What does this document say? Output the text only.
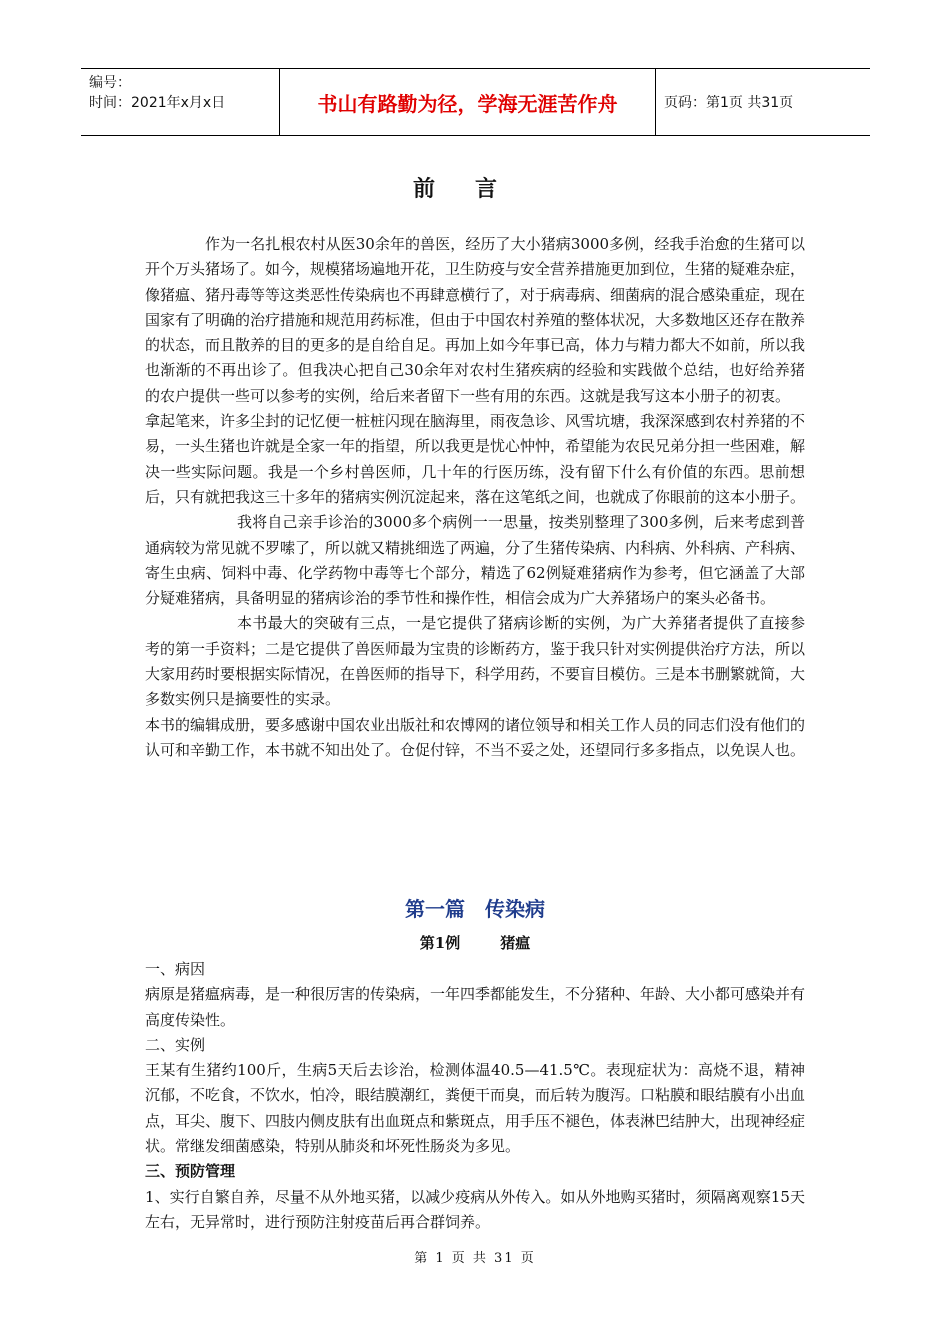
编号：
时间：2021年x月x日	书山有路勤为径，学海无涯苦作舟	页码：第1页 共31页
前言

作为一名扎根农村从医30余年的兽医，经历了大小猪病3000多例，经我手治愈的生猪可以开个万头猪场了。如今，规模猪场遍地开花，卫生防疫与安全营养措施更加到位，生猪的疑难杂症，像猪瘟、猪丹毒等等这类恶性传染病也不再肆意横行了，对于病毒病、细菌病的混合感染重症，现在国家有了明确的治疗措施和规范用药标准，但由于中国农村养殖的整体状况，大多数地区还存在散养的状态，而且散养的目的更多的是自给自足。再加上如今年事已高，体力与精力都大不如前，所以我也渐渐的不再出诊了。但我决心把自己30余年对农村生猪疾病的经验和实践做个总结，也好给养猪的农户提供一些可以参考的实例，给后来者留下一些有用的东西。这就是我写这本小册子的初衷。

拿起笔来，许多尘封的记忆便一桩桩闪现在脑海里，雨夜急诊、风雪坑塘，我深深感到农村养猪的不易，一头生猪也许就是全家一年的指望，所以我更是忧心忡忡，希望能为农民兄弟分担一些困难，解决一些实际问题。我是一个乡村兽医师，几十年的行医历练，没有留下什么有价值的东西。思前想后，只有就把我这三十多年的猪病实例沉淀起来，落在这笔纸之间，也就成了你眼前的这本小册子。

我将自己亲手诊治的3000多个病例一一思量，按类别整理了300多例，后来考虑到普通病较为常见就不罗嗦了，所以就又精挑细选了两遍，分了生猪传染病、内科病、外科病、产科病、寄生虫病、饲料中毒、化学药物中毒等七个部分，精选了62例疑难猪病作为参考，但它涵盖了大部分疑难猪病，具备明显的猪病诊治的季节性和操作性，相信会成为广大养猪场户的案头必备书。

本书最大的突破有三点，一是它提供了猪病诊断的实例，为广大养猪者提供了直接参考的第一手资料；二是它提供了兽医师最为宝贵的诊断药方，鉴于我只针对实例提供治疗方法，所以大家用药时要根据实际情况，在兽医师的指导下，科学用药，不要盲目模仿。三是本书删繁就简，大多数实例只是摘要性的实录。

本书的编辑成册，要多感谢中国农业出版社和农博网的诸位领导和相关工作人员的同志们没有他们的认可和辛勤工作，本书就不知出处了。仓促付锌，不当不妥之处，还望同行多多指点，以免误人也。

第一篇　传染病
第1例	猪瘟

一、病因

病原是猪瘟病毒，是一种很厉害的传染病，一年四季都能发生，不分猪种、年龄、大小都可感染并有高度传染性。

二、实例

王某有生猪约100斤，生病5天后去诊治，检测体温40.5—41.5℃。表现症状为：高烧不退，精神沉郁，不吃食，不饮水，怕冷，眼结膜潮红，粪便干而臭，而后转为腹泻。口粘膜和眼结膜有小出血点，耳尖、腹下、四肢内侧皮肤有出血斑点和紫斑点，用手压不褪色，体表淋巴结肿大，出现神经症状。常继发细菌感染，特别从肺炎和坏死性肠炎为多见。

三、预防管理

1、实行自繁自养，尽量不从外地买猪，以减少疫病从外传入。如从外地购买猪时，须隔离观察15天左右，无异常时，进行预防注射疫苗后再合群饲养。

第 1 页 共 31 页
